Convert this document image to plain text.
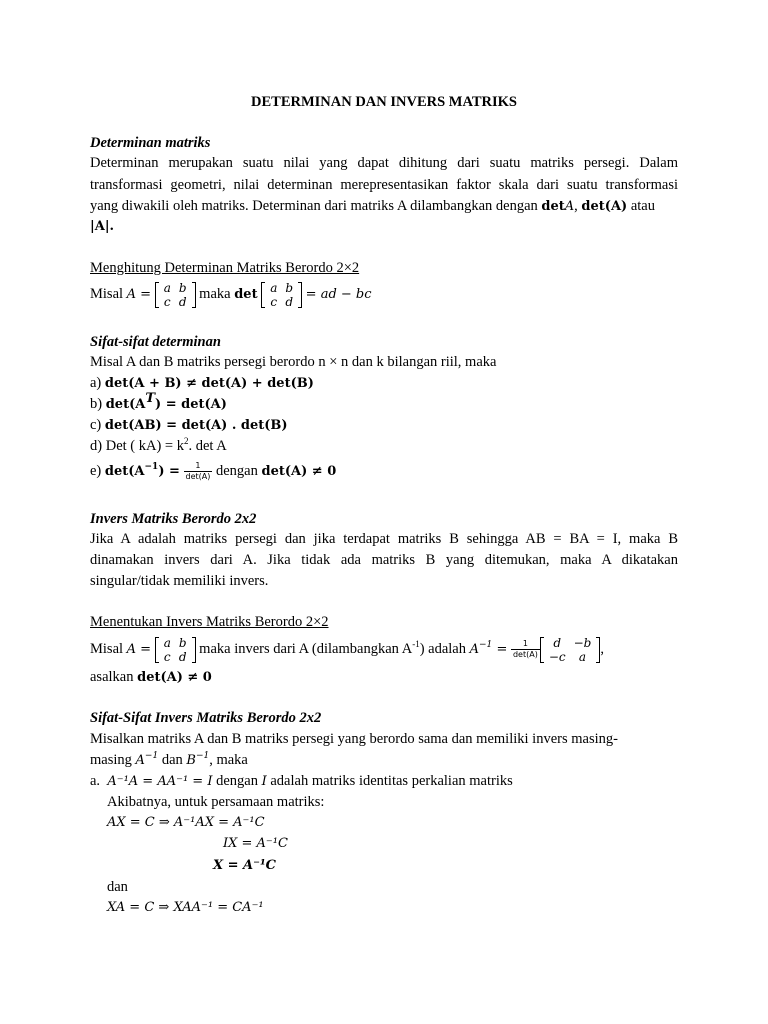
DETERMINAN DAN INVERS MATRIKS
Determinan matriks
Determinan merupakan suatu nilai yang dapat dihitung dari suatu matriks persegi. Dalam
transformasi geometri, nilai determinan merepresentasikan faktor skala dari suatu transformasi
yang diwakili oleh matriks. Determinan dari matriks A dilambangkan dengan detA, det(A) atau
|A|.
Menghitung Determinan Matriks Berordo 2×2
Misal A = a	b
c	d maka det a	b
c	d = ad − bc
Sifat-sifat determinan
Misal A dan B matriks persegi berordo n × n dan k bilangan riil, maka
a) det(A + B) ≠ det(A) + det(B)
b) $\det(A^T) = \det(A)$
c) det(AB) = det(A) . det(B)
d) Det ( $kA) = k^2$. det A
e) $\det(A^{-1}) = \frac{1}{\det(A)}$ dengan det(A) ≠ 0
Invers Matriks Berordo 2x2
Jika A adalah matriks persegi dan jika terdapat matriks B sehingga AB = BA = I, maka B
dinamakan invers dari A. Jika tidak ada matriks B yang ditemukan, maka A dikatakan
singular/tidak memiliki invers.
Menentukan Invers Matriks Berordo 2×2
Misal A = a	b
c	d maka invers dari A (dilambangkan $A^{-1}$) adalah $A^{-1} = \frac{1}{\det(A)}$ d	−b
−c	a ,
asalkan det(A) ≠ 0
Sifat-Sifat Invers Matriks Berordo 2x2
Misalkan matriks A dan B matriks persegi yang berordo sama dan memiliki invers masing-
masing $A^{-1}$ dan $B^{-1}$, maka
a. A⁻¹A = AA⁻¹ = I dengan I adalah matriks identitas perkalian matriks
Akibatnya, untuk persamaan matriks:
AX = C ⇒ A⁻¹AX = A⁻¹C
IX = A⁻¹C
X = A⁻¹C
dan
XA = C ⇒ XAA⁻¹ = CA⁻¹
